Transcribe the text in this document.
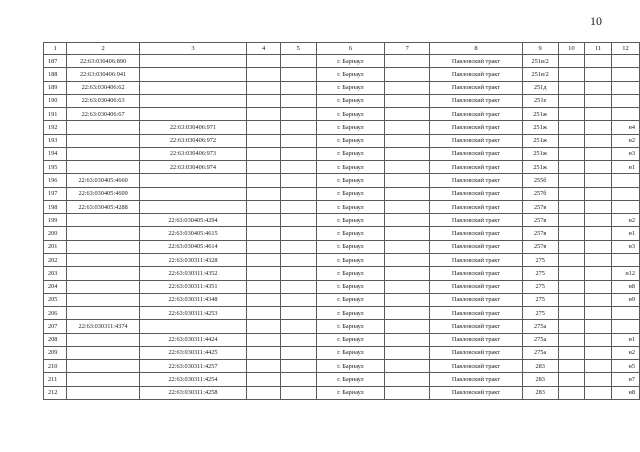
10
1	2	3	4	5	6	7	8	9	10	11	12
187	22:63:030406:890				г. Барнаул		Павловский тракт	251в/2			
188	22:63:030406:941				г. Барнаул		Павловский тракт	251в/2			
189	22:63:030406:62				г. Барнаул		Павловский тракт	251д			
190	22:63:030406:63				г. Барнаул		Павловский тракт	251е			
191	22:63:030406:67				г. Барнаул		Павловский тракт	251ж			
192		22:63:030406:971			г. Барнаул		Павловский тракт	251ж			н4
193		22:63:030406:972			г. Барнаул		Павловский тракт	251ж			н2
194		22:63:030406:973			г. Барнаул		Павловский тракт	251ж			н3
195		22:63:030406:974			г. Барнаул		Павловский тракт	251ж			н1
196	22:63:030405:4660				г. Барнаул		Павловский тракт	255б			
197	22:63:030405:4609				г. Барнаул		Павловский тракт	257б			
198	22:63:030405:4288				г. Барнаул		Павловский тракт	257в			
199		22:63:030405:4294			г. Барнаул		Павловский тракт	257в			н2
200		22:63:030405:4615			г. Барнаул		Павловский тракт	257в			н1
201		22:63:030405:4614			г. Барнаул		Павловский тракт	257в			н3
202		22:63:030311:4328			г. Барнаул		Павловский тракт	275			
203		22:63:030311:4352			г. Барнаул		Павловский тракт	275			н12
204		22:63:030311:4351			г. Барнаул		Павловский тракт	275			н8
205		22:63:030311:4348			г. Барнаул		Павловский тракт	275			н9
206		22:63:030311:4253			г. Барнаул		Павловский тракт	275			
207	22:63:030311:4374				г. Барнаул		Павловский тракт	275а			
208		22:63:030311:4424			г. Барнаул		Павловский тракт	275а			н1
209		22:63:030311:4425			г. Барнаул		Павловский тракт	275а			н2
210		22:63:030311:4257			г. Барнаул		Павловский тракт	283			н5
211		22:63:030311:4254			г. Барнаул		Павловский тракт	283			н7
212		22:63:030311:4258			г. Барнаул		Павловский тракт	283			н8
